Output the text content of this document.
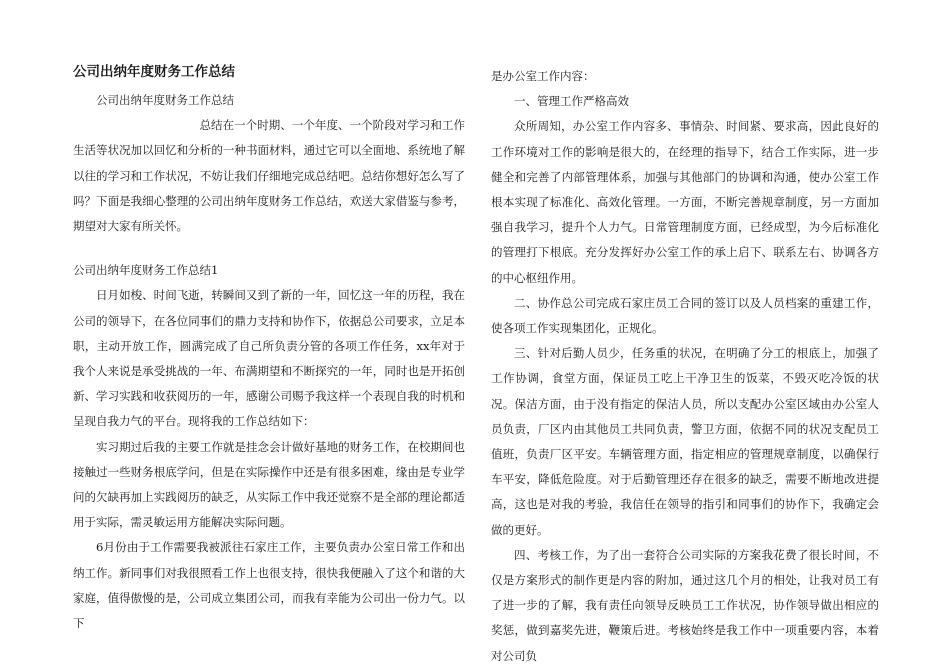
公司出纳年度财务工作总结

公司出纳年度财务工作总结

总结在一个时期、一个年度、一个阶段对学习和工作生活等状况加以回忆和分析的一种书面材料，通过它可以全面地、系统地了解以往的学习和工作状况，不妨让我们仔细地完成总结吧。总结你想好怎么写了吗？下面是我细心整理的公司出纳年度财务工作总结，欢送大家借鉴与参考，期望对大家有所关怀。

公司出纳年度财务工作总结1

日月如梭、时间飞逝，转瞬间又到了新的一年，回忆这一年的历程，我在公司的领导下，在各位同事们的鼎力支持和协作下，依据总公司要求，立足本职，主动开放工作，圆满完成了自己所负责分管的各项工作任务，xx年对于我个人来说是承受挑战的一年、布满期望和不断探究的一年，同时也是开拓创新、学习实践和收获阅历的一年，感谢公司赐予我这样一个表现自我的时机和呈现自我力气的平台。现将我的工作总结如下：

实习期过后我的主要工作就是挂念会计做好基地的财务工作，在校期间也接触过一些财务根底学问，但是在实际操作中还是有很多困难，缘由是专业学问的欠缺再加上实践阅历的缺乏，从实际工作中我还觉察不是全部的理论都适用于实际，需灵敏运用方能解决实际问题。

6月份由于工作需要我被派往石家庄工作，主要负责办公室日常工作和出纳工作。新同事们对我很照看工作上也很支持，很快我便融入了这个和谐的大家庭，值得傲慢的是，公司成立集团公司，而我有幸能为公司出一份力气。以下

是办公室工作内容：

一、管理工作严格高效

众所周知，办公室工作内容多、事情杂、时间紧、要求高，因此良好的工作环境对工作的影响是很大的，在经理的指导下，结合工作实际，进一步健全和完善了内部管理体系，加强与其他部门的协调和沟通，使办公室工作根本实现了标准化、高效化管理。一方面，不断完善规章制度，另一方面加强自我学习，提升个人力气。日常管理制度方面，已经成型，为今后标准化的管理打下根底。充分发挥好办公室工作的承上启下、联系左右、协调各方的中心枢纽作用。

二、协作总公司完成石家庄员工合同的签订以及人员档案的重建工作，使各项工作实现集团化，正规化。

三、针对后勤人员少，任务重的状况，在明确了分工的根底上，加强了工作协调，食堂方面，保证员工吃上干净卫生的饭菜，不毁灭吃冷饭的状况。保洁方面，由于没有指定的保洁人员，所以支配办公室区域由办公室人员负责，厂区内由其他员工共同负责，警卫方面，依据不同的状况支配员工值班，负责厂区平安。车辆管理方面，指定相应的管理规章制度，以确保行车平安，降低危险度。对于后勤管理还存在很多的缺乏，需要不断地改进提高，这也是对我的考验，我信任在领导的指引和同事们的协作下，我确定会做的更好。

四、考核工作，为了出一套符合公司实际的方案我花费了很长时间，不仅是方案形式的制作更是内容的附加，通过这几个月的相处，让我对员工有了进一步的了解，我有责任向领导反映员工工作状况，协作领导做出相应的奖惩，做到嘉奖先进，鞭策后进。考核始终是我工作中一项重要内容，本着对公司负
